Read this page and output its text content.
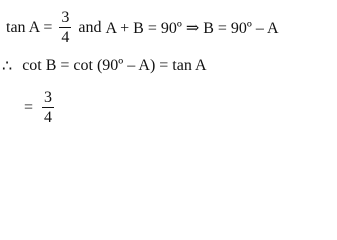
$\tan A = \frac{3}{4}$ and A + B = 90º ⇒ B = 90º – A
∴ cot B = cot (90º – A) = tan A
= $\frac{3}{4}$
